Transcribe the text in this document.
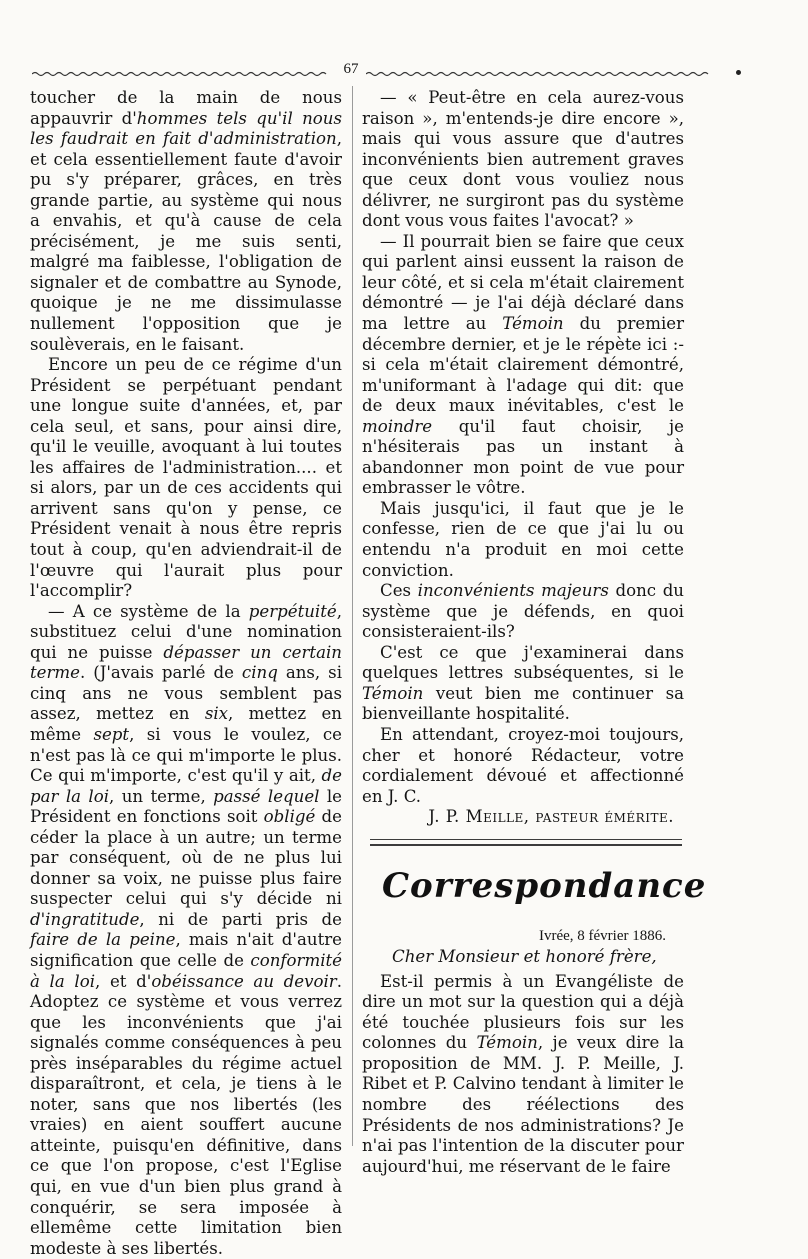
67

toucher de la main de nous appauvrir d'hommes tels qu'il nous les faudrait en fait d'administration, et cela essentiellement faute d'avoir pu s'y préparer, grâces, en très grande partie, au système qui nous a envahis, et qu'à cause de cela précisément, je me suis senti, malgré ma faiblesse, l'obligation de signaler et de combattre au Synode, quoique je ne me dissimulasse nullement l'opposition que je soulèverais, en le faisant.

Encore un peu de ce régime d'un Président se perpétuant pendant une longue suite d'années, et, par cela seul, et sans, pour ainsi dire, qu'il le veuille, avoquant à lui toutes les affaires de l'administration.... et si alors, par un de ces accidents qui arrivent sans qu'on y pense, ce Président venait à nous être repris tout à coup, qu'en adviendrait-il de l'œuvre qui l'aurait plus pour l'accomplir?

— A ce système de la perpétuité, substituez celui d'une nomination qui ne puisse dépasser un certain terme. (J'avais parlé de cinq ans, si cinq ans ne vous semblent pas assez, mettez en six, mettez en même sept, si vous le voulez, ce n'est pas là ce qui m'importe le plus. Ce qui m'importe, c'est qu'il y ait, de par la loi, un terme, passé lequel le Président en fonctions soit obligé de céder la place à un autre; un terme par conséquent, où de ne plus lui donner sa voix, ne puisse plus faire suspecter celui qui s'y décide ni d'ingratitude, ni de parti pris de faire de la peine, mais n'ait d'autre signification que celle de conformité à la loi, et d'obéissance au devoir. Adoptez ce système et vous verrez que les inconvénients que j'ai signalés comme conséquences à peu près inséparables du régime actuel disparaîtront, et cela, je tiens à le noter, sans que nos libertés (les vraies) en aient souffert aucune atteinte, puisqu'en définitive, dans ce que l'on propose, c'est l'Eglise qui, en vue d'un bien plus grand à conquérir, se sera imposée à ellemême cette limitation bien modeste à ses libertés.

— « Peut-être en cela aurez-vous raison », m'entends-je dire encore », mais qui vous assure que d'autres inconvénients bien autrement graves que ceux dont vous vouliez nous délivrer, ne surgiront pas du système dont vous vous faites l'avocat? »

— Il pourrait bien se faire que ceux qui parlent ainsi eussent la raison de leur côté, et si cela m'était clairement démontré — je l'ai déjà déclaré dans ma lettre au Témoin du premier décembre dernier, et je le répète ici :-si cela m'était clairement démontré, m'uniformant à l'adage qui dit: que de deux maux inévitables, c'est le moindre qu'il faut choisir, je n'hésiterais pas un instant à abandonner mon point de vue pour embrasser le vôtre.

Mais jusqu'ici, il faut que je le confesse, rien de ce que j'ai lu ou entendu n'a produit en moi cette conviction.

Ces inconvénients majeurs donc du système que je défends, en quoi consisteraient-ils?

C'est ce que j'examinerai dans quelques lettres subséquentes, si le Témoin veut bien me continuer sa bienveillante hospitalité.

En attendant, croyez-moi toujours, cher et honoré Rédacteur, votre cordialement dévoué et affectionné en J. C.

J. P. Meille, pasteur émérite.
Correspondance
Ivrée, 8 février 1886.
Cher Monsieur et honoré frère,

Est-il permis à un Evangéliste de dire un mot sur la question qui a déjà été touchée plusieurs fois sur les colonnes du Témoin, je veux dire la proposition de MM. J. P. Meille, J. Ribet et P. Calvino tendant à limiter le nombre des réélections des Présidents de nos administrations? Je n'ai pas l'intention de la discuter pour aujourd'hui, me réservant de le faire
